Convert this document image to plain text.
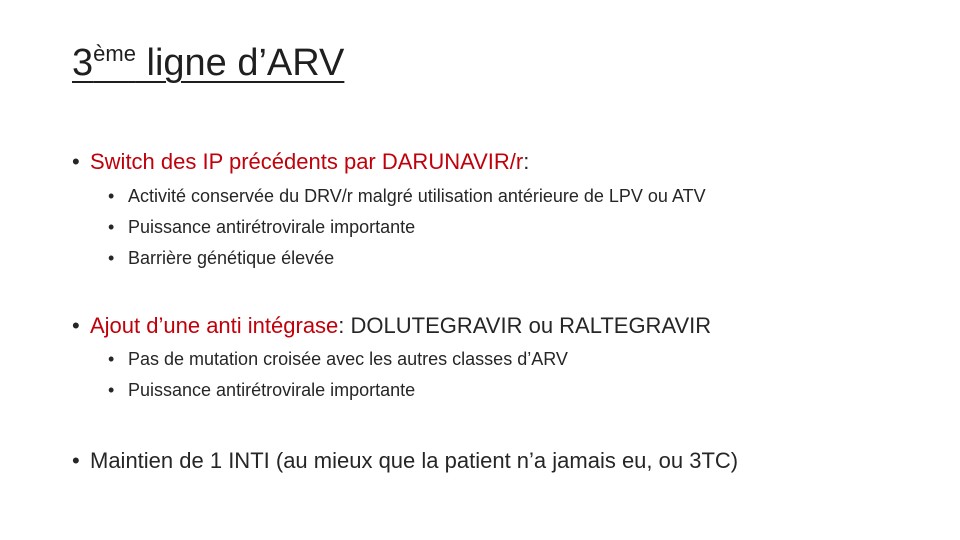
3ème ligne d’ARV
• Switch des IP précédents par DARUNAVIR/r:
• Activité conservée du DRV/r malgré utilisation antérieure de LPV ou ATV
• Puissance antirétrovirale importante
• Barrière génétique élevée
• Ajout d’une anti intégrase: DOLUTEGRAVIR ou RALTEGRAVIR
• Pas de mutation croisée avec les autres classes d’ARV
• Puissance antirétrovirale importante
• Maintien de 1 INTI (au mieux que la patient n’a jamais eu, ou 3TC)
